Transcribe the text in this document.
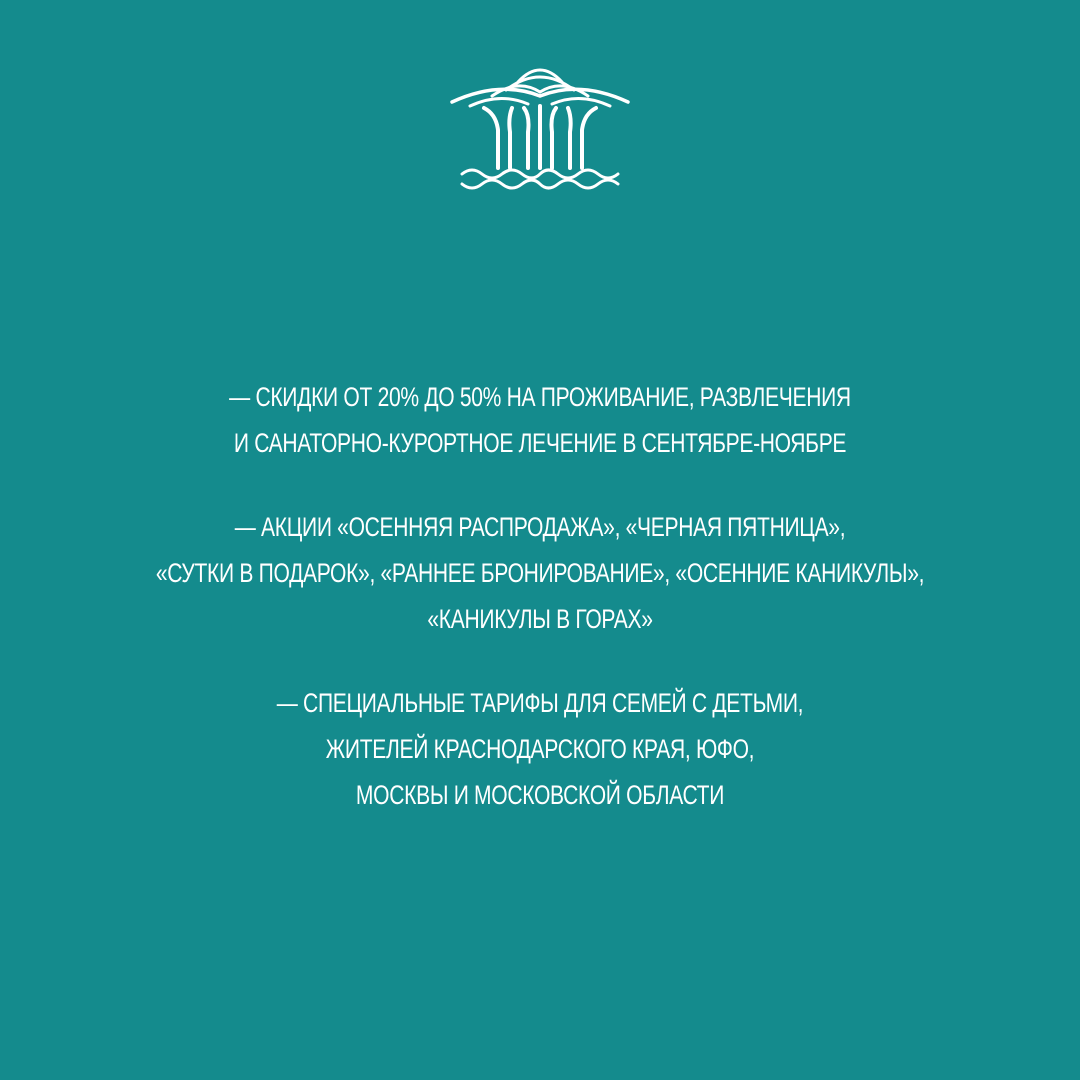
— СКИДКИ ОТ 20% ДО 50% НА ПРОЖИВАНИЕ, РАЗВЛЕЧЕНИЯ
И САНАТОРНО-КУРОРТНОЕ ЛЕЧЕНИЕ В СЕНТЯБРЕ-НОЯБРЕ
— АКЦИИ «ОСЕННЯЯ РАСПРОДАЖА», «ЧЕРНАЯ ПЯТНИЦА»,
«СУТКИ В ПОДАРОК», «РАННЕЕ БРОНИРОВАНИЕ», «ОСЕННИЕ КАНИКУЛЫ»,
«КАНИКУЛЫ В ГОРАХ»
— СПЕЦИАЛЬНЫЕ ТАРИФЫ ДЛЯ СЕМЕЙ С ДЕТЬМИ,
ЖИТЕЛЕЙ КРАСНОДАРСКОГО КРАЯ, ЮФО,
МОСКВЫ И МОСКОВСКОЙ ОБЛАСТИ
